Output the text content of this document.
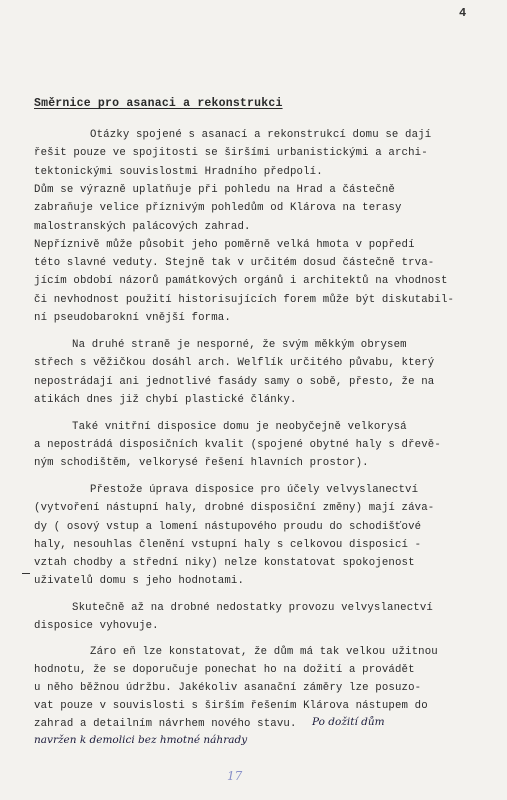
4
Směrnice pro asanaci a rekonstrukci
Otázky spojené s asanací a rekonstrukcí domu se dají
řešit pouze ve spojitosti se širšími urbanistickými a archi-
tektonickými souvislostmi Hradního předpolí.
Dům se výrazně uplatňuje při pohledu na Hrad a částečně
zabraňuje velice příznivým pohledům od Klárova na terasy
malostranských palácových zahrad.
Nepříznivě může působit jeho poměrně velká hmota v popředí
této slavné veduty. Stejně tak v určitém dosud částečně trva-
jícím období názorů památkových orgánů i architektů na vhodnost
či nevhodnost použití historisujících forem může být diskutabil-
ní pseudobarokní vnější forma.
Na druhé straně je nesporné, že svým měkkým obrysem
střech s věžičkou dosáhl arch. Welflík určitého půvabu, který
nepostrádají ani jednotlivé fasády samy o sobě, přesto, že na
atikách dnes již chybí plastické články.
Také vnitřní disposice domu je neobyčejně velkorysá
a nepostrádá disposičních kvalit (spojené obytné haly s dřevě-
ným schodištěm, velkorysé řešení hlavních prostor).
Přestože úprava disposice pro účely velvyslanectví
(vytvoření nástupní haly, drobné disposiční změny) mají záva-
dy ( osový vstup a lomení nástupového proudu do schodišťové
haly, nesouhlas členění vstupní haly s celkovou disposicí -
vztah chodby a střední niky) nelze konstatovat spokojenost
uživatelů domu s jeho hodnotami.
Skutečně až na drobné nedostatky provozu velvyslanectví
disposice vyhovuje.
Záro eň lze konstatovat, že dům má tak velkou užitnou
hodnotu, že se doporučuje ponechat ho na dožití a provádět
u něho běžnou údržbu. Jakékoliv asanační záměry lze posuzo-
vat pouze v souvislosti s širším řešením Klárova nástupem do
zahrad a detailním návrhem nového stavu. Po dožití dům
navržen k demolici bez hmotné náhrady
17
